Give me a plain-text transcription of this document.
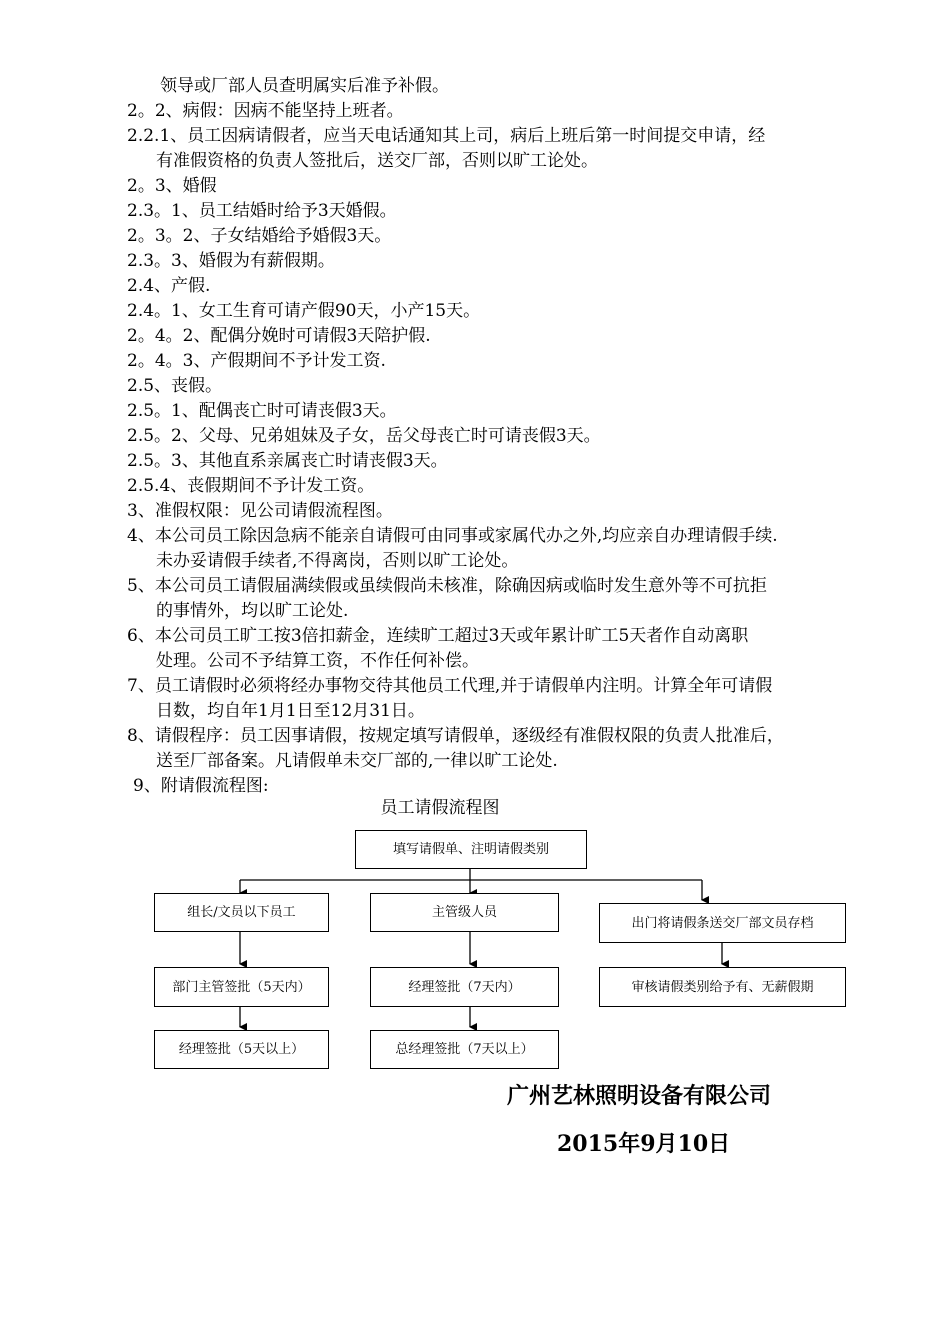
领导或厂部人员查明属实后准予补假。
2。2、病假：因病不能坚持上班者。
2.2.1、员工因病请假者，应当天电话通知其上司，病后上班后第一时间提交申请，经
有准假资格的负责人签批后，送交厂部，否则以旷工论处。
2。3、婚假
2.3。1、员工结婚时给予3天婚假。
2。3。2、子女结婚给予婚假3天。
2.3。3、婚假为有薪假期。
2.4、产假.
2.4。1、女工生育可请产假90天，小产15天。
2。4。2、配偶分娩时可请假3天陪护假.
2。4。3、产假期间不予计发工资.
2.5、丧假。
2.5。1、配偶丧亡时可请丧假3天。
2.5。2、父母、兄弟姐妹及子女，岳父母丧亡时可请丧假3天。
2.5。3、其他直系亲属丧亡时请丧假3天。
2.5.4、丧假期间不予计发工资。
3、准假权限：见公司请假流程图。
4、本公司员工除因急病不能亲自请假可由同事或家属代办之外,均应亲自办理请假手续.
未办妥请假手续者,不得离岗，否则以旷工论处。
5、本公司员工请假届满续假或虽续假尚未核准，除确因病或临时发生意外等不可抗拒
的事情外，均以旷工论处.
6、本公司员工旷工按3倍扣薪金，连续旷工超过3天或年累计旷工5天者作自动离职
处理。公司不予结算工资，不作任何补偿。
7、员工请假时必须将经办事物交待其他员工代理,并于请假单内注明。计算全年可请假
日数，均自年1月1日至12月31日。
8、请假程序：员工因事请假，按规定填写请假单，逐级经有准假权限的负责人批准后，
送至厂部备案。凡请假单未交厂部的,一律以旷工论处.
9、附请假流程图:
员工请假流程图
填写请假单、注明请假类别
组长/文员以下员工
部门主管签批（5天内）
经理签批（5天以上）
主管级人员
经理签批（7天内）
总经理签批（7天以上）
出门将请假条送交厂部文员存档
审核请假类别给予有、无薪假期
广州艺林照明设备有限公司
2015年9月10日
